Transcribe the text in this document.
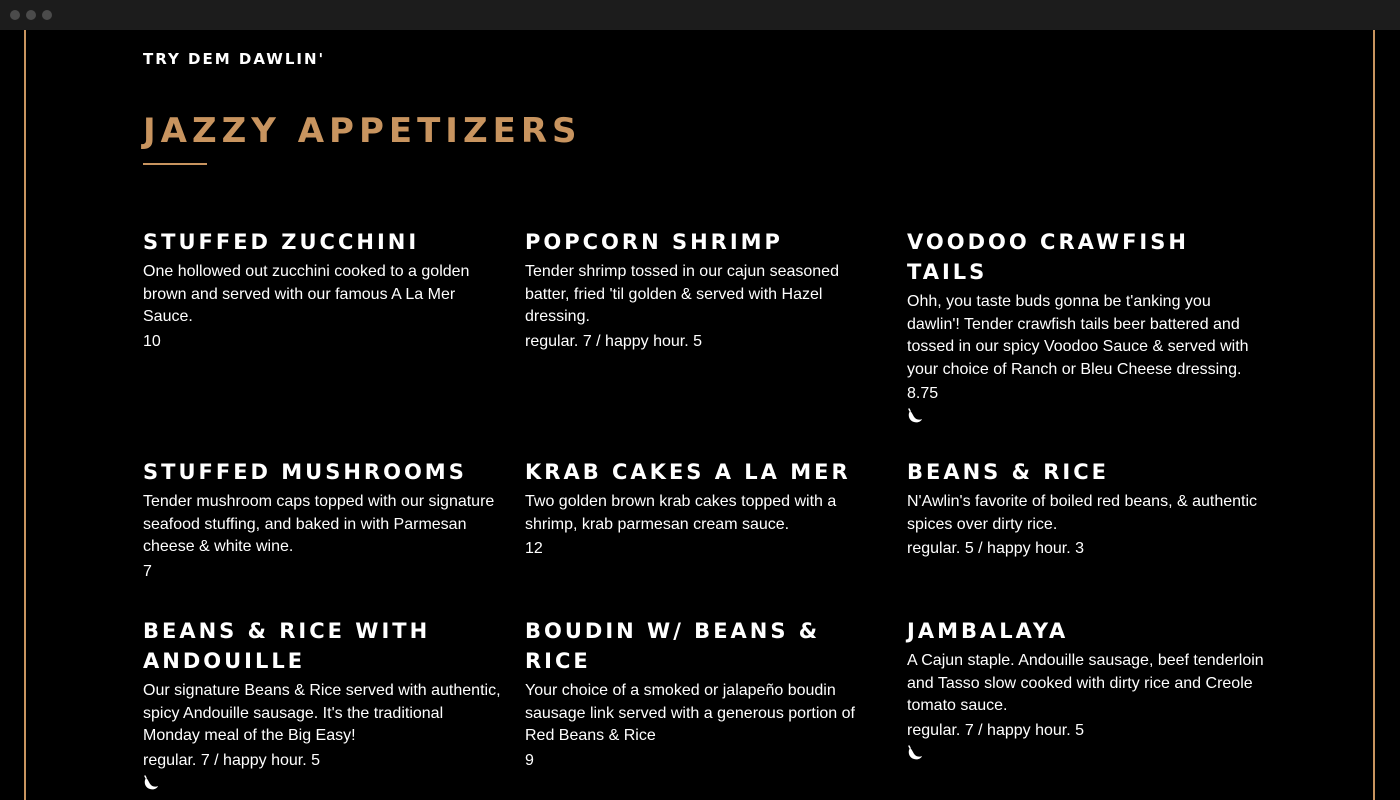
TRY DEM DAWLIN'
JAZZY APPETIZERS
STUFFED ZUCCHINI

One hollowed out zucchini cooked to a golden brown and served with our famous A La Mer Sauce.

10
POPCORN SHRIMP

Tender shrimp tossed in our cajun seasoned batter, fried 'til golden & served with Hazel dressing.

regular. 7 / happy hour. 5
VOODOO CRAWFISH TAILS

Ohh, you taste buds gonna be t'anking you dawlin'! Tender crawfish tails beer battered and tossed in our spicy Voodoo Sauce & served with your choice of Ranch or Bleu Cheese dressing.

8.75
STUFFED MUSHROOMS

Tender mushroom caps topped with our signature seafood stuffing, and baked in with Parmesan cheese & white wine.

7
KRAB CAKES A LA MER

Two golden brown krab cakes topped with a shrimp, krab parmesan cream sauce.

12
BEANS & RICE

N'Awlin's favorite of boiled red beans, & authentic spices over dirty rice.

regular. 5 / happy hour. 3
BEANS & RICE WITH ANDOUILLE

Our signature Beans & Rice served with authentic, spicy Andouille sausage. It's the traditional Monday meal of the Big Easy!

regular. 7 / happy hour. 5
BOUDIN W/ BEANS & RICE

Your choice of a smoked or jalapeño boudin sausage link served with a generous portion of Red Beans & Rice

9
JAMBALAYA

A Cajun staple. Andouille sausage, beef tenderloin and Tasso slow cooked with dirty rice and Creole tomato sauce.

regular. 7 / happy hour. 5
